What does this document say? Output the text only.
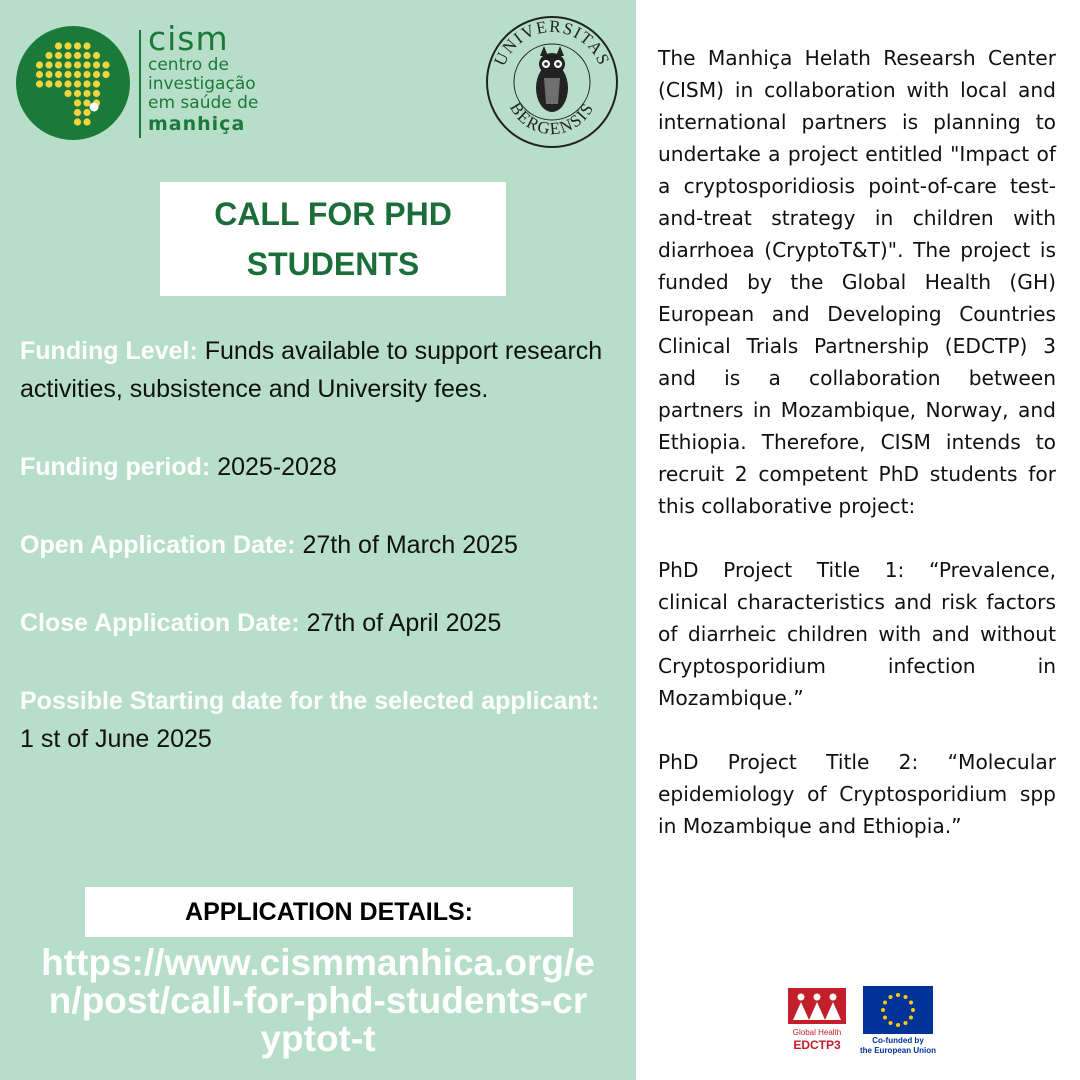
cism
centro de
investigação
em saúde de
manhiça
UNIVERSITAS
BERGENSIS
CALL FOR PHD STUDENTS

Funding Level: Funds available to support research activities, subsistence and University fees.

Funding period: 2025-2028

Open Application Date: 27th of March 2025

Close Application Date: 27th of April 2025

Possible Starting date for the selected applicant: 1 st of June 2025

APPLICATION DETAILS:
https://www.cismmanhica.org/en/post/call-for-phd-students-cryptot-t

The Manhiça Helath Researsh Center (CISM) in collaboration with local and international partners is planning to undertake a project entitled "Impact of a cryptosporidiosis point-of-care test-and-treat strategy in children with diarrhoea (CryptoT&T)". The project is funded by the Global Health (GH) European and Developing Countries Clinical Trials Partnership (EDCTP) 3 and is a collaboration between partners in Mozambique, Norway, and Ethiopia. Therefore, CISM intends to recruit 2 competent PhD students for this collaborative project:

PhD Project Title 1: “Prevalence, clinical characteristics and risk factors of diarrheic children with and without Cryptosporidium infection in Mozambique.”

PhD Project Title 2: “Molecular epidemiology of Cryptosporidium spp in Mozambique and Ethiopia.”

Global Health
EDCTP3	Co-funded by
the European Union
